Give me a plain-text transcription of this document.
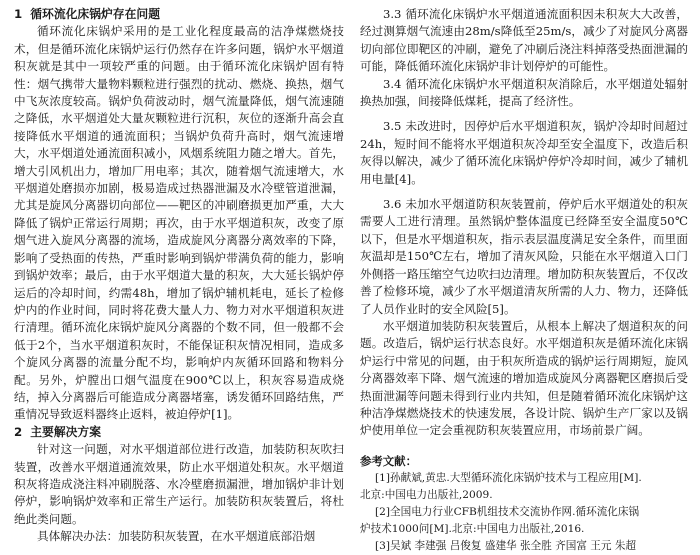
1 循环流化床锅炉存在问题

循环流化床锅炉采用的是工业化程度最高的洁净煤燃烧技术，但是循环流化床锅炉运行仍然存在许多问题，锅炉水平烟道积灰就是其中一项较严重的问题。由于循环流化床锅炉固有特性：烟气携带大量物料颗粒进行强烈的扰动、燃烧、换热，烟气中飞灰浓度较高。锅炉负荷波动时，烟气流量降低，烟气流速随之降低，水平烟道处大量灰颗粒进行沉积，灰位的逐渐升高会直接降低水平烟道的通流面积；当锅炉负荷升高时，烟气流速增大，水平烟道处通流面积减小，风烟系统阻力随之增大。首先，增大引风机出力，增加厂用电率；其次，随着烟气流速增大，水平烟道处磨损亦加剧，极易造成过热器泄漏及水冷壁管道泄漏，尤其是旋风分离器切向部位——靶区的冲刷磨损更加严重，大大降低了锅炉正常运行周期；再次，由于水平烟道积灰，改变了原烟气进入旋风分离器的流场，造成旋风分离器分离效率的下降，影响了受热面的传热，严重时影响到锅炉带满负荷的能力，影响到锅炉效率；最后，由于水平烟道大量的积灰，大大延长锅炉停运后的冷却时间，约需48h，增加了锅炉辅机耗电，延长了检修炉内的作业时间，同时将花费大量人力、物力对水平烟道积灰进行清理。循环流化床锅炉旋风分离器的个数不同，但一般都不会低于2个，当水平烟道积灰时，不能保证积灰情况相同，造成多个旋风分离器的流量分配不均，影响炉内灰循环回路和物料分配。另外，炉膛出口烟气温度在900℃以上，积灰容易造成烧结，掉入分离器后可能造成分离器堵塞，诱发循环回路结焦，严重情况导致返料器终止返料，被迫停炉[1]。

2 主要解决方案

针对这一问题，对水平烟道部位进行改造，加装防积灰吹扫装置，改善水平烟道通流效果，防止水平烟道处积灰。水平烟道积灰将造成浇注料冲刷脱落、水冷壁磨损漏泄，增加锅炉非计划停炉，影响锅炉效率和正常生产运行。加装防积灰装置后，将杜绝此类问题。

具体解决办法：加装防积灰装置，在水平烟道底部沿烟

3.3 循环流化床锅炉水平烟道通流面积因未积灰大大改善，经过测算烟气流速由28m/s降低至25m/s，减少了对旋风分离器切向部位即靶区的冲刷，避免了冲刷后浇注料掉落受热面泄漏的可能，降低循环流化床锅炉非计划停炉的可能性。

3.4 循环流化床锅炉水平烟道积灰消除后，水平烟道处辐射换热加强，间接降低煤耗，提高了经济性。

3.5 未改进时，因停炉后水平烟道积灰，锅炉冷却时间超过24h，短时间不能将水平烟道积灰冷却至安全温度下，改造后积灰得以解决，减少了循环流化床锅炉停炉冷却时间，减少了辅机用电量[4]。

3.6 未加水平烟道防积灰装置前，停炉后水平烟道处的积灰需要人工进行清理。虽然锅炉整体温度已经降至安全温度50℃以下，但是水平烟道积灰，指示表层温度满足安全条件，而里面灰温却是150℃左右，增加了清灰风险，只能在水平烟道入口门外侧搭一路压缩空气边吹扫边清理。增加防积灰装置后，不仅改善了检修环境，减少了水平烟道清灰所需的人力、物力，还降低了人员作业时的安全风险[5]。

水平烟道加装防积灰装置后，从根本上解决了烟道积灰的问题。改造后，锅炉运行状态良好。水平烟道积灰是循环流化床锅炉运行中常见的问题，由于积灰所造成的锅炉运行周期短，旋风分离器效率下降、烟气流速的增加造成旋风分离器靶区磨损后受热面泄漏等问题未得到行业内共知，但是随着循环流化床锅炉这种洁净煤燃烧技术的快速发展，各设计院、锅炉生产厂家以及锅炉使用单位一定会重视防积灰装置应用，市场前景广阔。

参考文献：
[1]孙献斌,黄忠.大型循环流化床锅炉技术与工程应用[M].
北京:中国电力出版社,2009.
[2]全国电力行业CFB机组技术交流协作网.循环流化床锅
炉技术1000问[M].北京:中国电力出版社,2016.
[3]吴斌 李建强 吕俊复 盛建华 张全胜 齐国富 王元 朱超
